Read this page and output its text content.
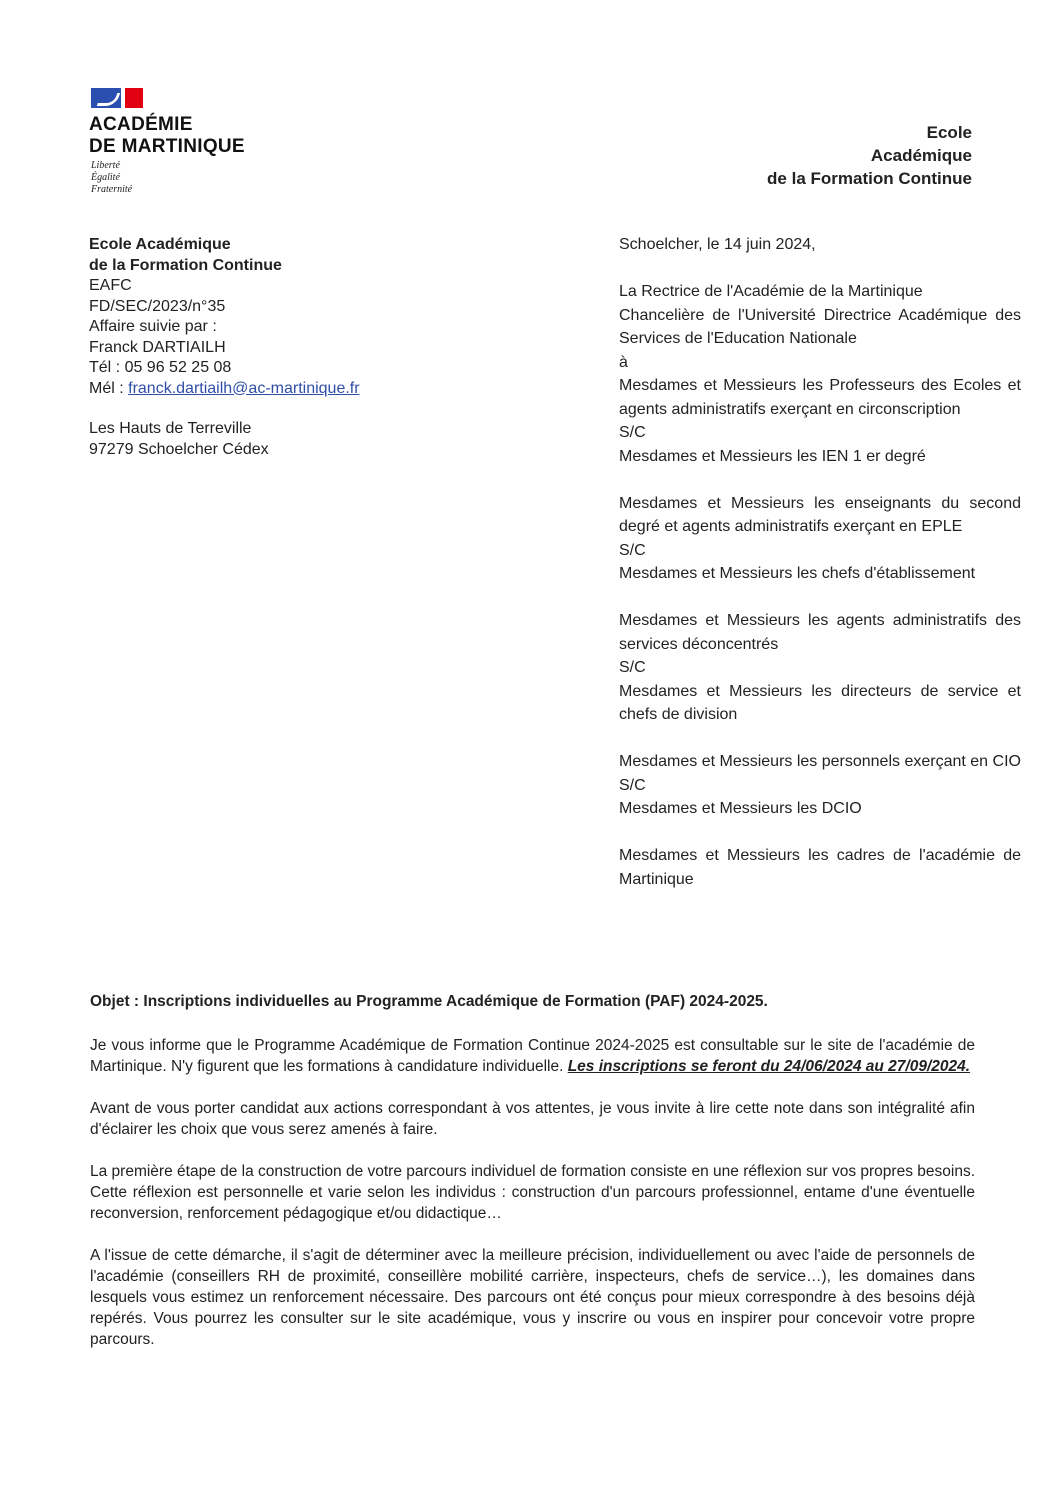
ACADÉMIE
DE MARTINIQUE
Liberté
Égalité
Fraternité
Ecole
Académique
de la Formation Continue
Ecole Académique
de la Formation Continue
EAFC
FD/SEC/2023/n°35
Affaire suivie par :
Franck DARTIAILH
Tél : 05 96 52 25 08
Mél : franck.dartiailh@ac-martinique.fr
Les Hauts de Terreville
97279 Schoelcher Cédex

Schoelcher, le 14 juin 2024,

La Rectrice de l'Académie de la Martinique

Chancelière de l'Université Directrice Académique des Services de l'Education Nationale

à

Mesdames et Messieurs les Professeurs des Ecoles et agents administratifs exerçant en circonscription

S/C

Mesdames et Messieurs les IEN 1 er degré

Mesdames et Messieurs les enseignants du second degré et agents administratifs exerçant en EPLE

S/C

Mesdames et Messieurs les chefs d'établissement

Mesdames et Messieurs les agents administratifs des services déconcentrés

S/C

Mesdames et Messieurs les directeurs de service et chefs de division

Mesdames et Messieurs les personnels exerçant en CIO

S/C

Mesdames et Messieurs les DCIO

Mesdames et Messieurs les cadres de l'académie de Martinique

Objet : Inscriptions individuelles au Programme Académique de Formation (PAF) 2024-2025.

Je vous informe que le Programme Académique de Formation Continue 2024-2025 est consultable sur le site de l'académie de Martinique. N'y figurent que les formations à candidature individuelle. Les inscriptions se feront du 24/06/2024 au 27/09/2024.

Avant de vous porter candidat aux actions correspondant à vos attentes, je vous invite à lire cette note dans son intégralité afin d'éclairer les choix que vous serez amenés à faire.

La première étape de la construction de votre parcours individuel de formation consiste en une réflexion sur vos propres besoins. Cette réflexion est personnelle et varie selon les individus : construction d'un parcours professionnel, entame d'une éventuelle reconversion, renforcement pédagogique et/ou didactique…

A l'issue de cette démarche, il s'agit de déterminer avec la meilleure précision, individuellement ou avec l'aide de personnels de l'académie (conseillers RH de proximité, conseillère mobilité carrière, inspecteurs, chefs de service…), les domaines dans lesquels vous estimez un renforcement nécessaire. Des parcours ont été conçus pour mieux correspondre à des besoins déjà repérés. Vous pourrez les consulter sur le site académique, vous y inscrire ou vous en inspirer pour concevoir votre propre parcours.
